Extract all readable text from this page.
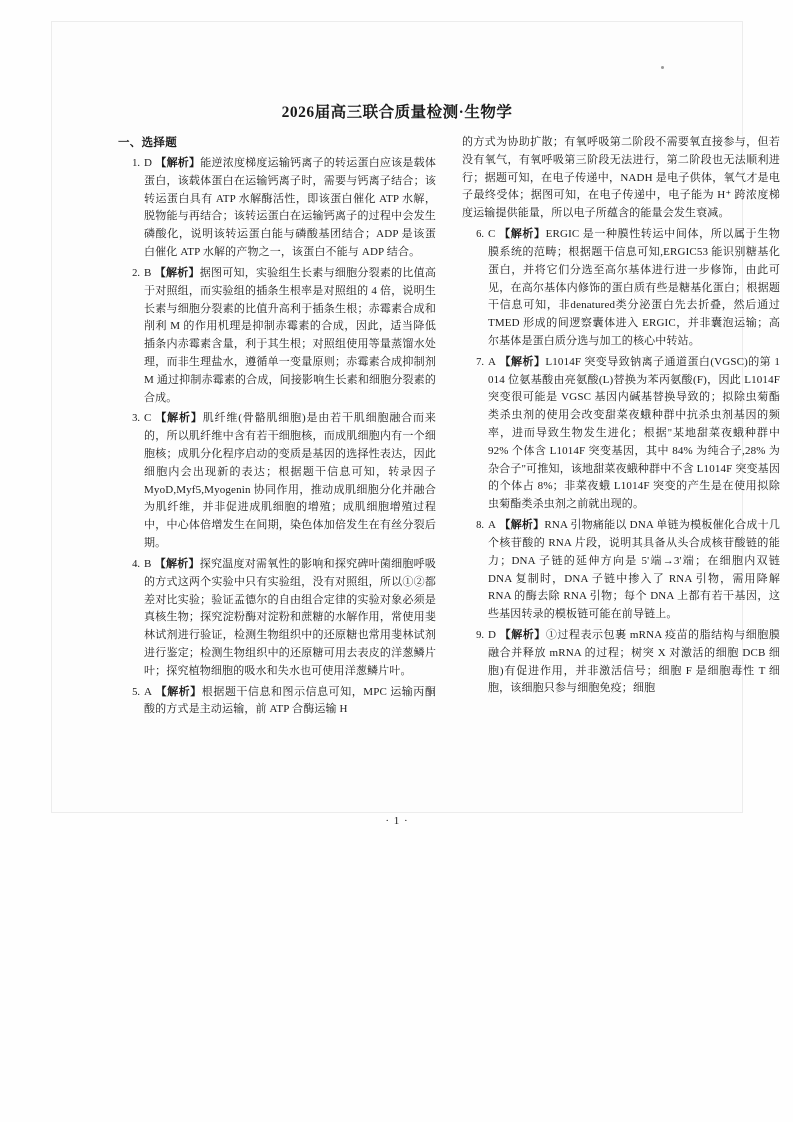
2026届高三联合质量检测·生物学
一、选择题
1. D 【解析】能逆浓度梯度运输钙离子的转运蛋白应该是载体蛋白，该载体蛋白在运输钙离子时，需要与钙离子结合；该转运蛋白具有 ATP 水解酶活性，即该蛋白催化 ATP 水解，脱物能与再结合；该转运蛋白在运输钙离子的过程中会发生磷酸化，说明该转运蛋白能与磷酸基团结合；ADP 是该蛋白催化 ATP 水解的产物之一，该蛋白不能与 ADP 结合。
2. B 【解析】据图可知，实验组生长素与细胞分裂素的比值高于对照组，而实验组的插条生根率是对照组的 4 倍，说明生长素与细胞分裂素的比值升高利于插条生根；赤霉素合成和削利 M 的作用机理是抑制赤霉素的合成，因此，适当降低插条内赤霉素含量，利于其生根；对照组使用等量蒸馏水处理，而非生理盐水，遵循单一变量原则；赤霉素合成抑制剂 M 通过抑制赤霉素的合成，间接影响生长素和细胞分裂素的合成。
3. C 【解析】肌纤维(骨骼肌细胞)是由若干肌细胞融合而来的，所以肌纤维中含有若干细胞核，而成肌细胞内有一个细胞核；成肌分化程序启动的变质是基因的选择性表达，因此细胞内会出现新的表达；根据题干信息可知，转录因子 MyoD,Myf5,Myogenin 协同作用，推动成肌细胞分化并融合为肌纤维，并非促进成肌细胞的增殖；成肌细胞增殖过程中，中心体倍增发生在间期，染色体加倍发生在有丝分裂后期。
4. B 【解析】探究温度对需氧性的影响和探究碑叶菌细胞呼吸的方式这两个实验中只有实验组，没有对照组，所以①②都差对比实验；验证孟德尔的自由组合定律的实验对象必须是真核生物；探究淀粉酶对淀粉和蔗糖的水解作用，常使用斐林试剂进行验证，检测生物组织中的还原糖也常用斐林试剂进行鉴定；检测生物组织中的还原糖可用去表皮的洋葱鳞片叶；探究植物细胞的吸水和失水也可使用洋葱鳞片叶。
5. A 【解析】根据题干信息和图示信息可知，MPC 运输丙酮酸的方式是主动运输，前 ATP 合酶运输 H

的方式为协助扩散；有氧呼吸第二阶段不需要氧直接参与，但若没有氧气，有氧呼吸第三阶段无法进行，第二阶段也无法顺利进行；据题可知，在电子传递中，NADH 是电子供体，氧气才是电子最终受体；据图可知，在电子传递中，电子能为 H⁺ 跨浓度梯度运输提供能量，所以电子所蕴含的能量会发生衰减。

6. C 【解析】ERGIC 是一种膜性转运中间体，所以属于生物膜系统的范畴；根据题干信息可知,ERGIC53 能识别糖基化蛋白，并将它们分选至高尔基体进行进一步修饰，由此可见，在高尔基体内修饰的蛋白质有些是糖基化蛋白；根据题干信息可知，非denatured类分泌蛋白先去折叠，然后通过 TMED 形成的间逻察囊体进入 ERGIC，并非囊泡运输；高尔基体是蛋白质分选与加工的核心中转站。
7. A 【解析】L1014F 突变导致钠离子通道蛋白(VGSC)的第 1 014 位氨基酸由亮氨酸(L)替换为苯丙氨酸(F)，因此 L1014F 突变很可能是 VGSC 基因内碱基替换导致的；拟除虫菊酯类杀虫剂的使用会改变甜菜夜蛾种群中抗杀虫剂基因的频率，进而导致生物发生进化；根据"某地甜菜夜蛾种群中 92% 个体含 L1014F 突变基因，其中 84% 为纯合子,28% 为杂合子"可推知，该地甜菜夜蛾种群中不含 L1014F 突变基因的个体占 8%；非菜夜蛾 L1014F 突变的产生是在使用拟除虫菊酯类杀虫剂之前就出现的。
8. A 【解析】RNA 引物痛能以 DNA 单链为模板催化合成十几个核苷酸的 RNA 片段，说明其具备从头合成核苷酸链的能力；DNA 子链的延伸方向是 5'端→3'端；在细胞内双链 DNA 复制时，DNA 子链中掺入了 RNA 引物，需用降解 RNA 的酶去除 RNA 引物；每个 DNA 上都有若干基因，这些基因转录的模板链可能在前导链上。
9. D 【解析】①过程表示包裹 mRNA 疫苗的脂结构与细胞膜融合并释放 mRNA 的过程；树突 X 对激活的细胞 DCB 细胞)有促进作用，并非激活信号；细胞 F 是细胞毒性 T 细胞，该细胞只参与细胞免疫；细胞
· 1 ·
